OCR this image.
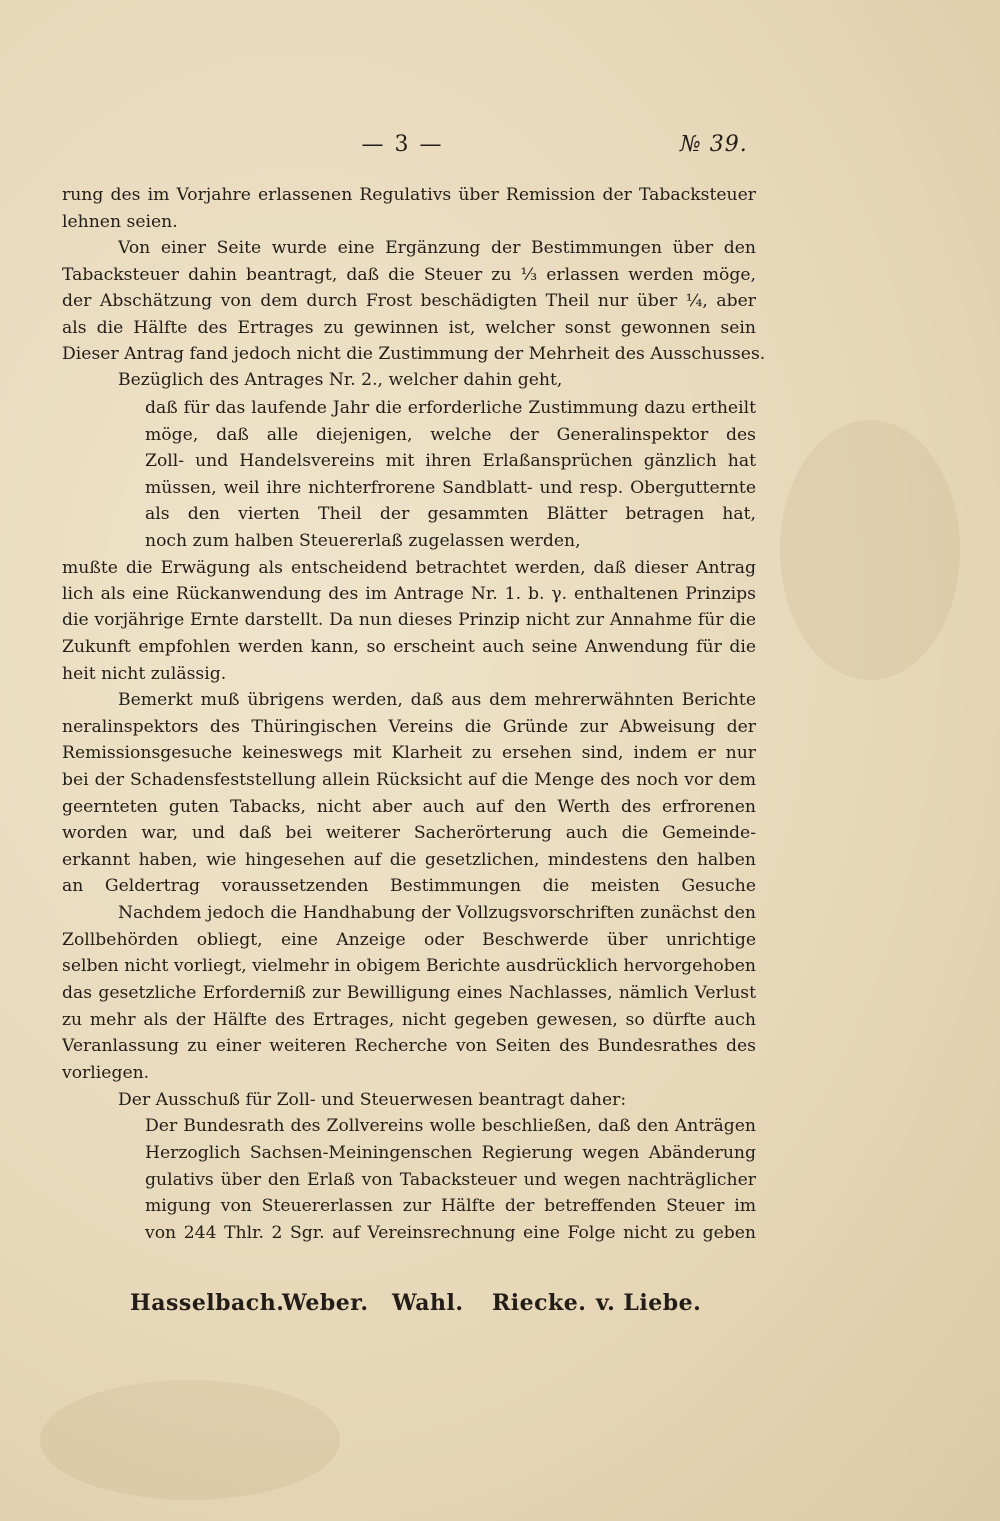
— 3 —	№ 39.
rung des im Vorjahre erlassenen Regulativs über Remission der Tabacksteuer
lehnen seien.
Von einer Seite wurde eine Ergänzung der Bestimmungen über den
Tabacksteuer dahin beantragt, daß die Steuer zu ⅓ erlassen werden möge,
der Abschätzung von dem durch Frost beschädigten Theil nur über ¼, aber
als die Hälfte des Ertrages zu gewinnen ist, welcher sonst gewonnen sein
Dieser Antrag fand jedoch nicht die Zustimmung der Mehrheit des Ausschusses.
Bezüglich des Antrages Nr. 2., welcher dahin geht,
daß für das laufende Jahr die erforderliche Zustimmung dazu ertheilt
möge, daß alle diejenigen, welche der Generalinspektor des
Zoll- und Handelsvereins mit ihren Erlaßansprüchen gänzlich hat
müssen, weil ihre nichterfrorene Sandblatt- und resp. Obergutternte
als den vierten Theil der gesammten Blätter betragen hat,
noch zum halben Steuererlaß zugelassen werden,
mußte die Erwägung als entscheidend betrachtet werden, daß dieser Antrag
lich als eine Rückanwendung des im Antrage Nr. 1. b. γ. enthaltenen Prinzips
die vorjährige Ernte darstellt. Da nun dieses Prinzip nicht zur Annahme für die
Zukunft empfohlen werden kann, so erscheint auch seine Anwendung für die
heit nicht zulässig.
Bemerkt muß übrigens werden, daß aus dem mehrerwähnten Berichte
neralinspektors des Thüringischen Vereins die Gründe zur Abweisung der
Remissionsgesuche keineswegs mit Klarheit zu ersehen sind, indem er nur
bei der Schadensfeststellung allein Rücksicht auf die Menge des noch vor dem
geernteten guten Tabacks, nicht aber auch auf den Werth des erfrorenen
worden war, und daß bei weiterer Sacherörterung auch die Gemeinde-
erkannt haben, wie hingesehen auf die gesetzlichen, mindestens den halben
an Geldertrag voraussetzenden Bestimmungen die meisten Gesuche
Nachdem jedoch die Handhabung der Vollzugsvorschriften zunächst den
Zollbehörden obliegt, eine Anzeige oder Beschwerde über unrichtige
selben nicht vorliegt, vielmehr in obigem Berichte ausdrücklich hervorgehoben
das gesetzliche Erforderniß zur Bewilligung eines Nachlasses, nämlich Verlust
zu mehr als der Hälfte des Ertrages, nicht gegeben gewesen, so dürfte auch
Veranlassung zu einer weiteren Recherche von Seiten des Bundesrathes des
vorliegen.
Der Ausschuß für Zoll- und Steuerwesen beantragt daher:
Der Bundesrath des Zollvereins wolle beschließen, daß den Anträgen
Herzoglich Sachsen-Meiningenschen Regierung wegen Abänderung
gulativs über den Erlaß von Tabacksteuer und wegen nachträglicher
migung von Steuererlassen zur Hälfte der betreffenden Steuer im
von 244 Thlr. 2 Sgr. auf Vereinsrechnung eine Folge nicht zu geben
Hasselbach.
Weber. Wahl. Riecke. v. Liebe.
